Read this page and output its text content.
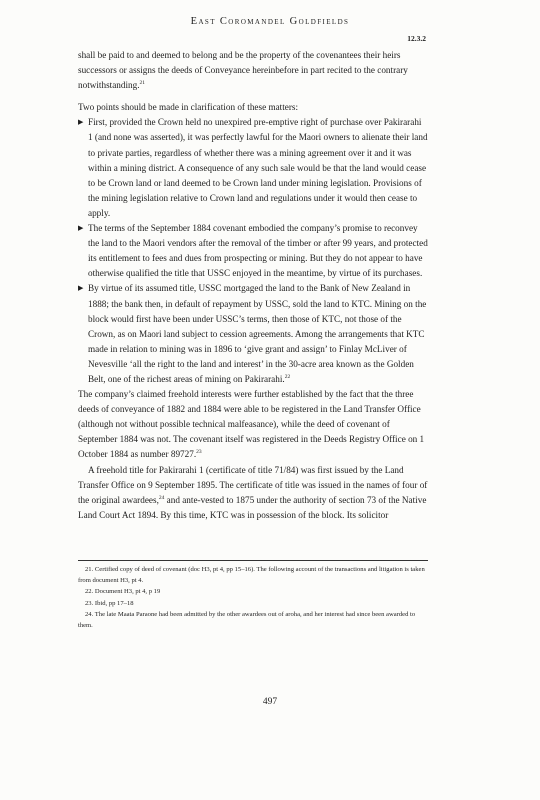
East Coromandel Goldfields
12.3.2

shall be paid to and deemed to belong and be the property of the covenantees their heirs successors or assigns the deeds of Conveyance hereinbefore in part recited to the contrary notwithstanding.$^{21}$

Two points should be made in clarification of these matters:

▶ First, provided the Crown held no unexpired pre-emptive right of purchase over Pakirarahi 1 (and none was asserted), it was perfectly lawful for the Maori owners to alienate their land to private parties, regardless of whether there was a mining agreement over it and it was within a mining district. A consequence of any such sale would be that the land would cease to be Crown land or land deemed to be Crown land under mining legislation. Provisions of the mining legislation relative to Crown land and regulations under it would then cease to apply.
▶ The terms of the September 1884 covenant embodied the company’s promise to reconvey the land to the Maori vendors after the removal of the timber or after 99 years, and protected its entitlement to fees and dues from prospecting or mining. But they do not appear to have otherwise qualified the title that USSC enjoyed in the meantime, by virtue of its purchases.
▶ By virtue of its assumed title, USSC mortgaged the land to the Bank of New Zealand in 1888; the bank then, in default of repayment by USSC, sold the land to KTC. Mining on the block would first have been under USSC’s terms, then those of KTC, not those of the Crown, as on Maori land subject to cession agreements. Among the arrangements that KTC made in relation to mining was in 1896 to ‘give grant and assign’ to Finlay McLiver of Nevesville ‘all the right to the land and interest’ in the 30-acre area known as the Golden Belt, one of the richest areas of mining on Pakirarahi.$^{22}$

The company’s claimed freehold interests were further established by the fact that the three deeds of conveyance of 1882 and 1884 were able to be registered in the Land Transfer Office (although not without possible technical malfeasance), while the deed of covenant of September 1884 was not. The covenant itself was registered in the Deeds Registry Office on 1 October 1884 as number 89727.23

A freehold title for Pakirarahi 1 (certificate of title 71/84) was first issued by the Land Transfer Office on 9 September 1895. The certificate of title was issued in the names of four of the original awardees,$^{24}$ and ante-vested to 1875 under the authority of section 73 of the Native Land Court Act 1894. By this time, KTC was in possession of the block. Its solicitor

21. Certified copy of deed of covenant (doc H3, pt 4, pp 15–16). The following account of the transactions and litigation is taken from document H3, pt 4.

22. Document H3, pt 4, p 19

23. Ibid, pp 17–18

24. The late Maata Paraone had been admitted by the other awardees out of aroha, and her interest had since been awarded to them.

497
